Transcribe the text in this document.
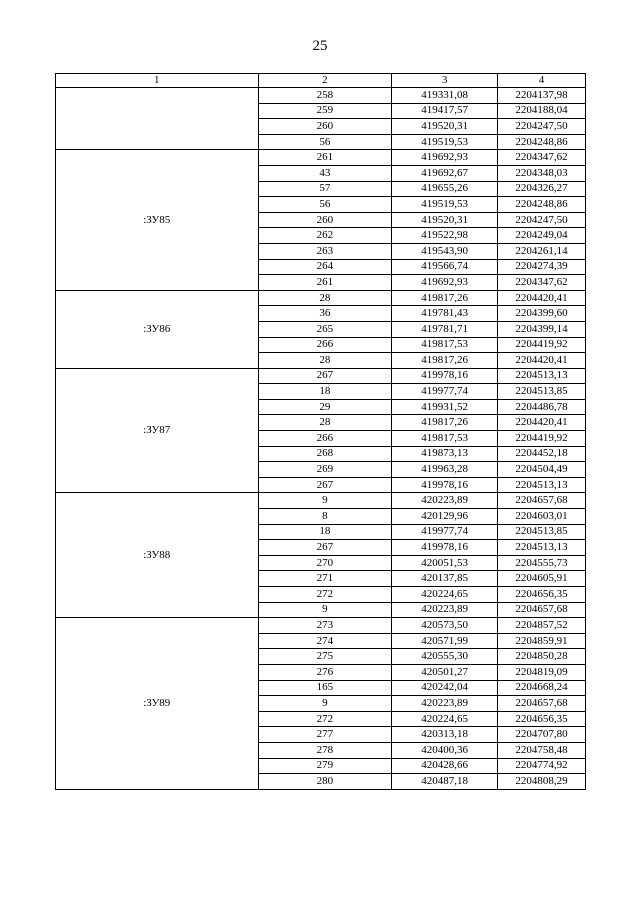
25
1	2	3	4
	258	419331,08	2204137,98
	259	419417,57	2204188,04
	260	419520,31	2204247,50
	56	419519,53	2204248,86
:ЗУ85	261	419692,93	2204347,62
	43	419692,67	2204348,03
	57	419655,26	2204326,27
	56	419519,53	2204248,86
	260	419520,31	2204247,50
	262	419522,98	2204249,04
	263	419543,90	2204261,14
	264	419566,74	2204274,39
	261	419692,93	2204347,62
:ЗУ86	28	419817,26	2204420,41
	36	419781,43	2204399,60
	265	419781,71	2204399,14
	266	419817,53	2204419,92
	28	419817,26	2204420,41
:ЗУ87	267	419978,16	2204513,13
	18	419977,74	2204513,85
	29	419931,52	2204486,78
	28	419817,26	2204420,41
	266	419817,53	2204419,92
	268	419873,13	2204452,18
	269	419963,28	2204504,49
	267	419978,16	2204513,13
:ЗУ88	9	420223,89	2204657,68
	8	420129,96	2204603,01
	18	419977,74	2204513,85
	267	419978,16	2204513,13
	270	420051,53	2204555,73
	271	420137,85	2204605,91
	272	420224,65	2204656,35
	9	420223,89	2204657,68
:ЗУ89	273	420573,50	2204857,52
	274	420571,99	2204859,91
	275	420555,30	2204850,28
	276	420501,27	2204819,09
	165	420242,04	2204668,24
	9	420223,89	2204657,68
	272	420224,65	2204656,35
	277	420313,18	2204707,80
	278	420400,36	2204758,48
	279	420428,66	2204774,92
	280	420487,18	2204808,29
